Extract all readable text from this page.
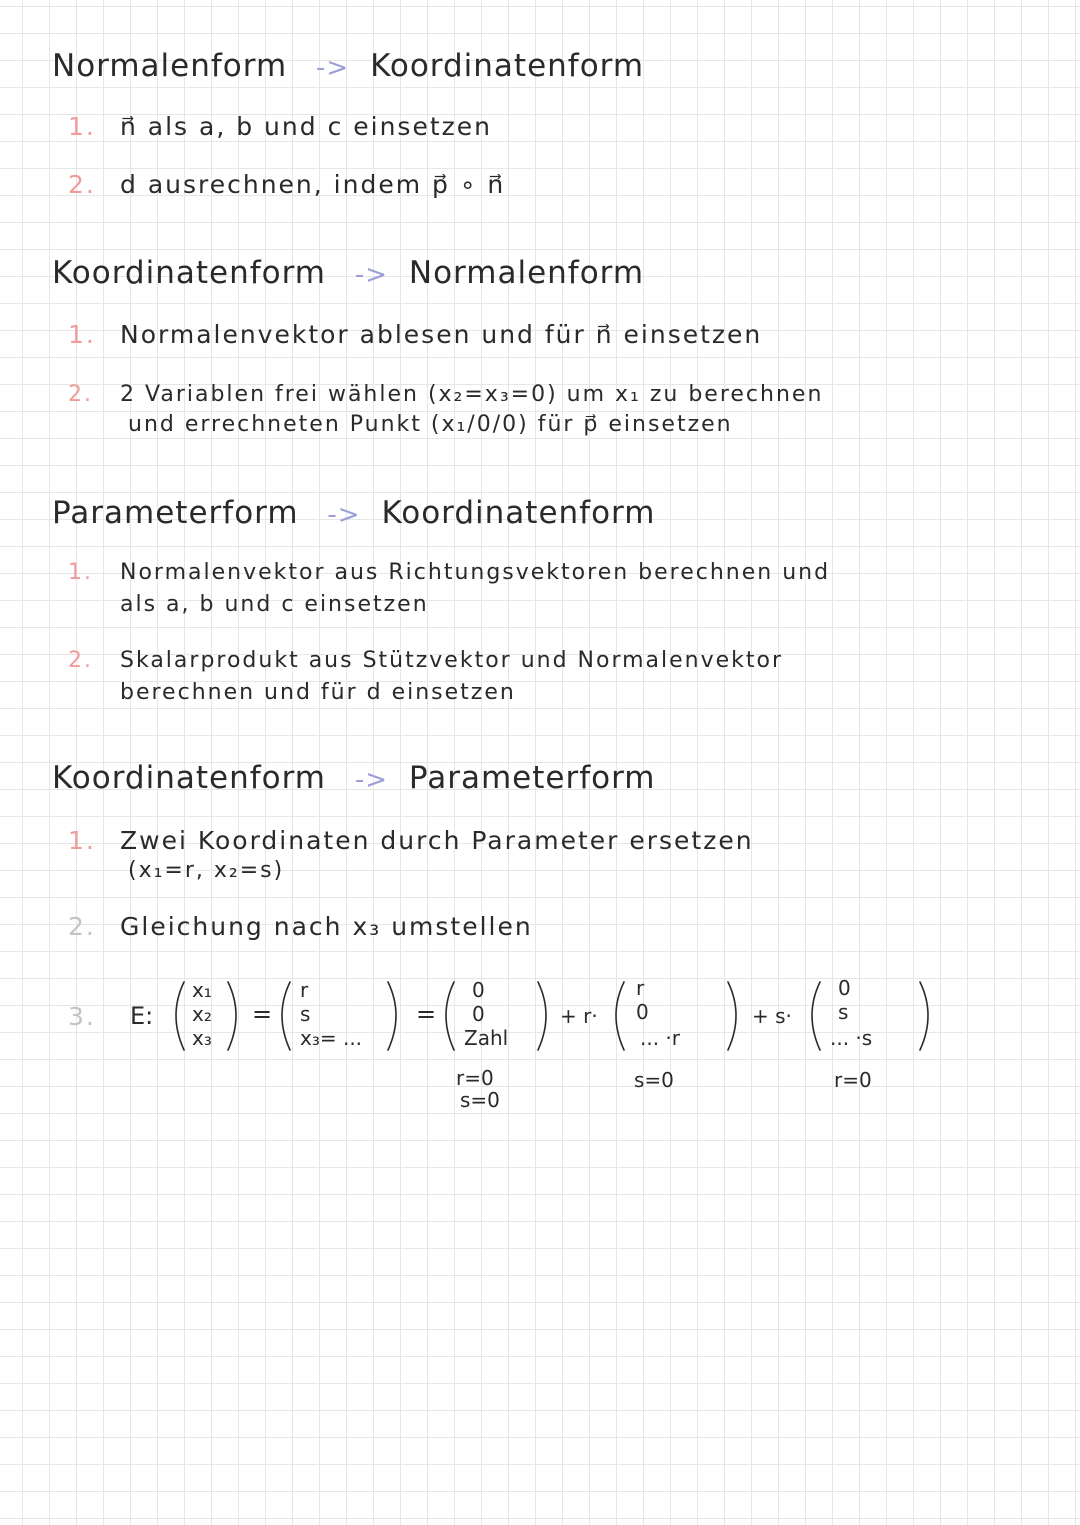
Normalenform -> Koordinatenform
1. n⃗ als a, b und c einsetzen
2. d ausrechnen, indem p⃗ ∘ n⃗
Koordinatenform -> Normalenform
1. Normalenvektor ablesen und für n⃗ einsetzen
2. 2 Variablen frei wählen (x₂=x₃=0) um x₁ zu berechnen
und errechneten Punkt (x₁/0/0) für p⃗ einsetzen
Parameterform -> Koordinatenform
1. Normalenvektor aus Richtungsvektoren berechnen und
als a, b und c einsetzen
2. Skalarprodukt aus Stützvektor und Normalenvektor
berechnen und für d einsetzen
Koordinatenform -> Parameterform
1. Zwei Koordinaten durch Parameter ersetzen
(x₁=r, x₂=s)
2. Gleichung nach x₃ umstellen
3.	E:
x₁
x₂
x₃
=
r
s
x₃= ...
=
0
0
Zahl
r=0
s=0
+ r·
r
0
... ·r
s=0
+ s·
0
s
... ·s
r=0
